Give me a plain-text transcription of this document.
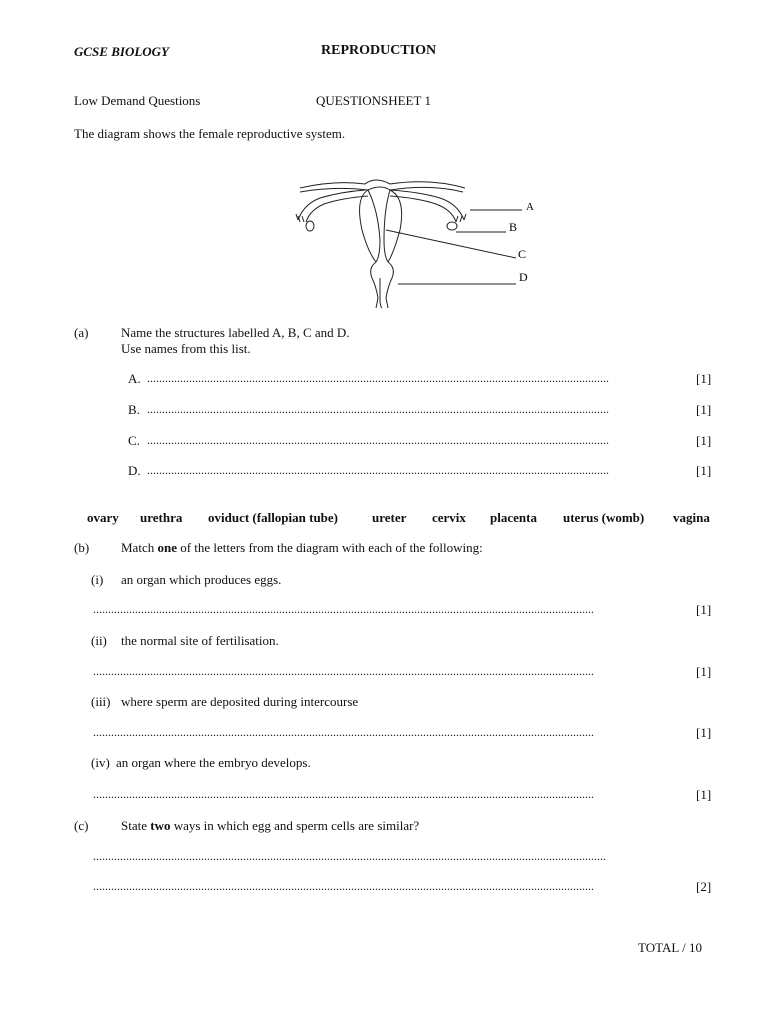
GCSE BIOLOGY	REPRODUCTION
Low Demand Questions	QUESTIONSHEET 1
The diagram shows the female reproductive system.
A
B
C
D
(a)	Name the structures labelled A, B, C and D.
Use names from this list.
A. ..........................................................................................................................................................	[1]
B. ..........................................................................................................................................................	[1]
C. ..........................................................................................................................................................	[1]
D. ..........................................................................................................................................................	[1]
ovary urethra oviduct (fallopian tube)	ureter cervix placenta uterus (womb) vagina
(b) Match one of the letters from the diagram with each of the following:
(i) an organ which produces eggs.
.......................................................................................................................................................................	[1]
(ii) the normal site of fertilisation.
.......................................................................................................................................................................	[1]
(iii) where sperm are deposited during intercourse
.......................................................................................................................................................................	[1]
(iv) an organ where the embryo develops.
.......................................................................................................................................................................	[1]
(c)	State two ways in which egg and sperm cells are similar?
...........................................................................................................................................................................
.......................................................................................................................................................................	[2]
TOTAL / 10
